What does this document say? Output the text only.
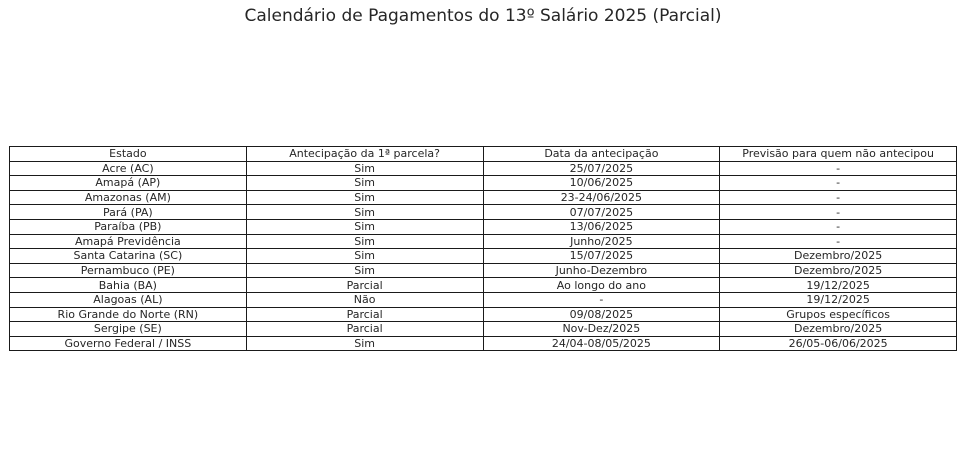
Calendário de Pagamentos do 13º Salário 2025 (Parcial)
Estado	Antecipação da 1ª parcela?	Data da antecipação	Previsão para quem não antecipou
Acre (AC)	Sim	25/07/2025	-
Amapá (AP)	Sim	10/06/2025	-
Amazonas (AM)	Sim	23-24/06/2025	-
Pará (PA)	Sim	07/07/2025	-
Paraíba (PB)	Sim	13/06/2025	-
Amapá Previdência	Sim	Junho/2025	-
Santa Catarina (SC)	Sim	15/07/2025	Dezembro/2025
Pernambuco (PE)	Sim	Junho-Dezembro	Dezembro/2025
Bahia (BA)	Parcial	Ao longo do ano	19/12/2025
Alagoas (AL)	Não	-	19/12/2025
Rio Grande do Norte (RN)	Parcial	09/08/2025	Grupos específicos
Sergipe (SE)	Parcial	Nov-Dez/2025	Dezembro/2025
Governo Federal / INSS	Sim	24/04-08/05/2025	26/05-06/06/2025
